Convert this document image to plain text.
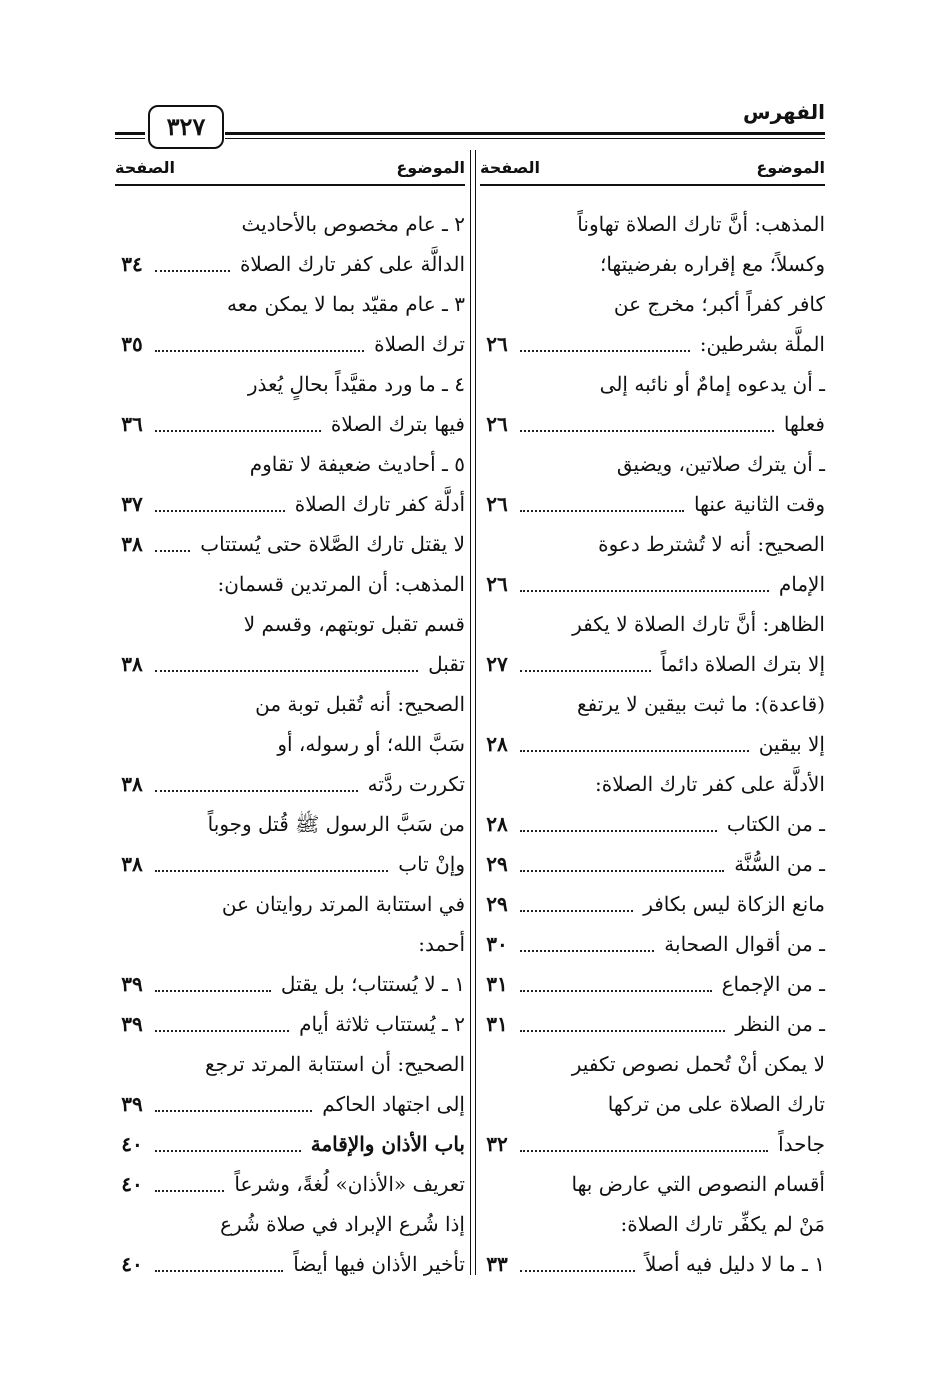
الفهرس
٣٢٧
الموضوع
الصفحة
المذهب: أنَّ تارك الصلاة تهاوناً
وكسلاً؛ مع إقراره بفرضيتها؛
كافر كفراً أكبر؛ مخرج عن
الملَّة بشرطين:
٢٦
ـ أن يدعوه إمامٌ أو نائبه إلى
فعلها
٢٦
ـ أن يترك صلاتين، ويضيق
وقت الثانية عنها
٢٦
الصحيح: أنه لا تُشترط دعوة
الإمام
٢٦
الظاهر: أنَّ تارك الصلاة لا يكفر
إلا بترك الصلاة دائماً
٢٧
(قاعدة): ما ثبت بيقين لا يرتفع
إلا بيقين
٢٨
الأدلَّة على كفر تارك الصلاة:
ـ من الكتاب
٢٨
ـ من السُّنَّة
٢٩
مانع الزكاة ليس بكافر
٢٩
ـ من أقوال الصحابة
٣٠
ـ من الإجماع
٣١
ـ من النظر
٣١
لا يمكن أنْ تُحمل نصوص تكفير
تارك الصلاة على من تركها
جاحداً
٣٢
أقسام النصوص التي عارض بها
مَنْ لم يكفِّر تارك الصلاة:
١ ـ ما لا دليل فيه أصلاً
٣٣
الموضوع
الصفحة
٢ ـ عام مخصوص بالأحاديث
الدالَّة على كفر تارك الصلاة
٣٤
٣ ـ عام مقيّد بما لا يمكن معه
ترك الصلاة
٣٥
٤ ـ ما ورد مقيَّداً بحالٍ يُعذر
فيها بترك الصلاة
٣٦
٥ ـ أحاديث ضعيفة لا تقاوم
أدلَّة كفر تارك الصلاة
٣٧
لا يقتل تارك الصَّلاة حتى يُستتاب
٣٨
المذهب: أن المرتدين قسمان:
قسم تقبل توبتهم، وقسم لا
تقبل
٣٨
الصحيح: أنه تُقبل توبة من
سَبَّ الله؛ أو رسوله، أو
تكررت ردَّته
٣٨
من سَبَّ الرسول ﷺ قُتل وجوباً
وإنْ تاب
٣٨
في استتابة المرتد روايتان عن
أحمد:
١ ـ لا يُستتاب؛ بل يقتل
٣٩
٢ ـ يُستتاب ثلاثة أيام
٣٩
الصحيح: أن استتابة المرتد ترجع
إلى اجتهاد الحاكم
٣٩
باب الأذان والإقامة
٤٠
تعريف «الأذان» لُغةً، وشرعاً
٤٠
إذا شُرع الإبراد في صلاة شُرع
تأخير الأذان فيها أيضاً
٤٠
